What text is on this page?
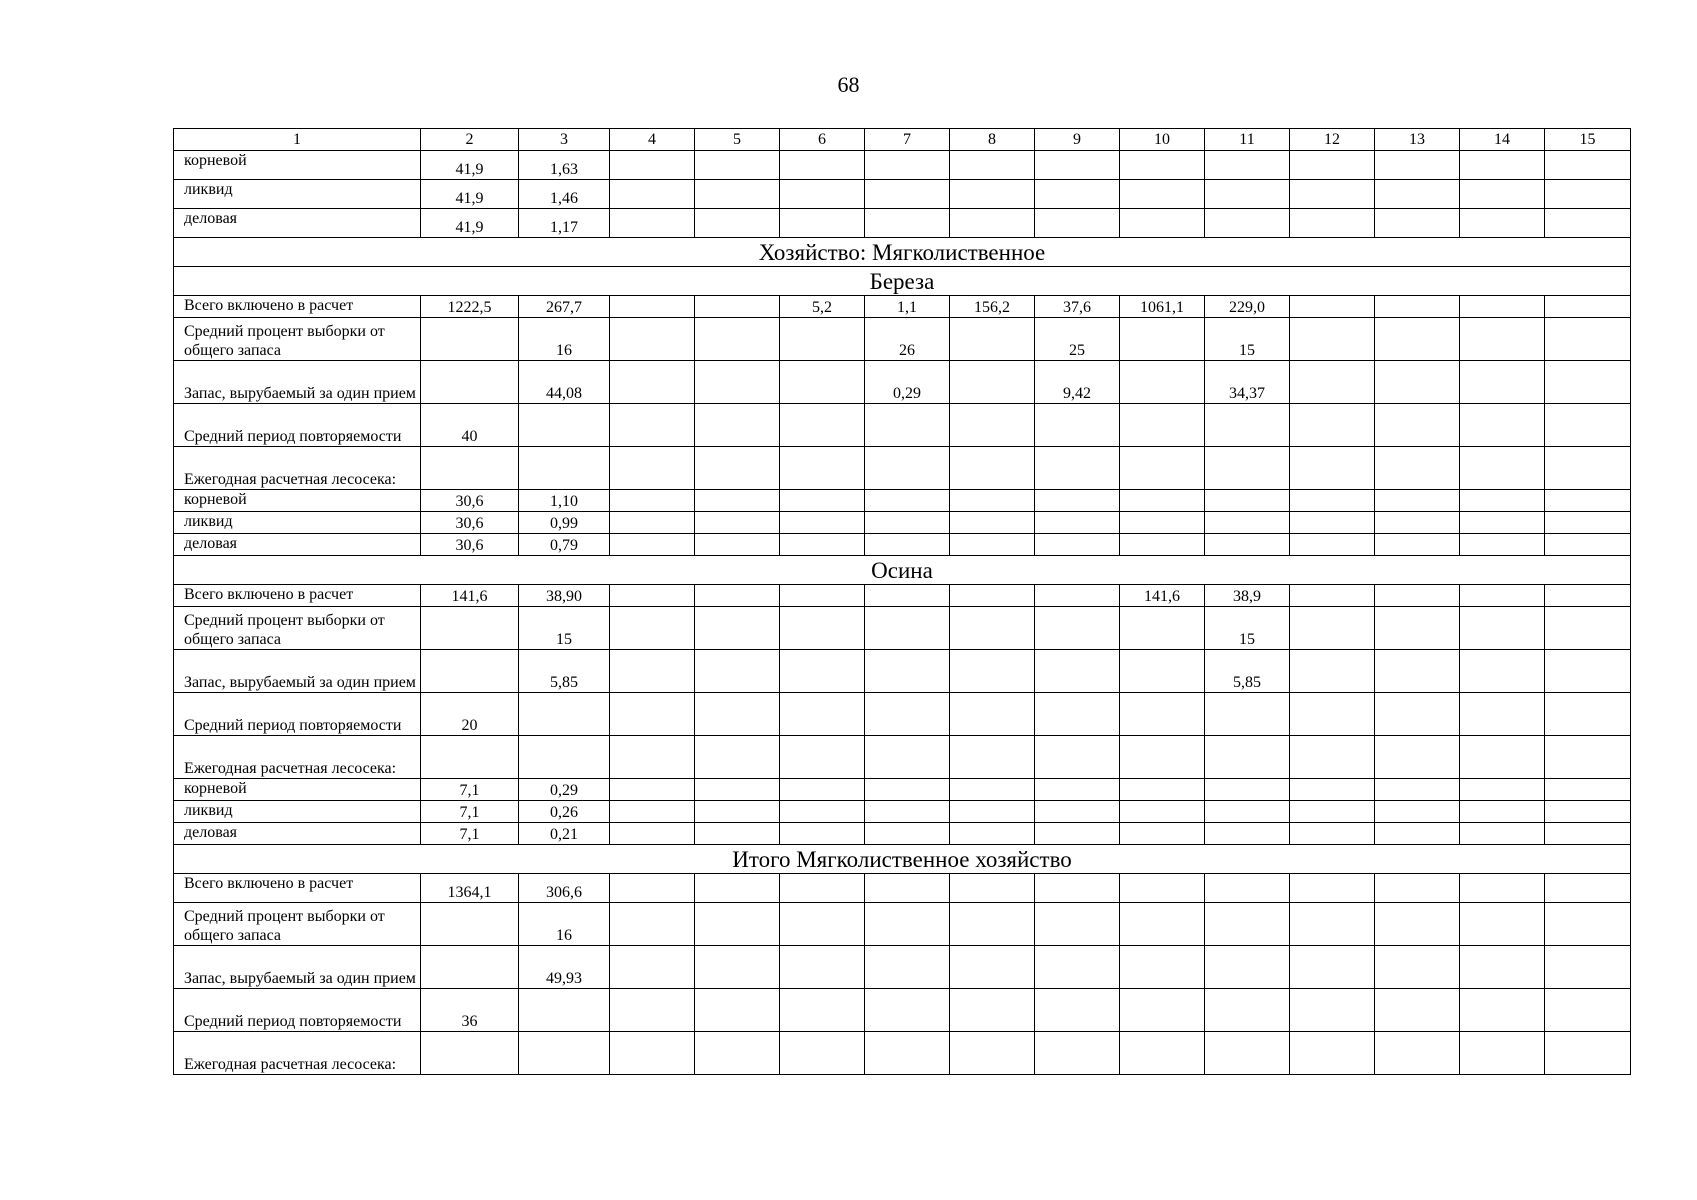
68
1	2	3	4	5	6	7	8	9	10	11	12	13	14	15
корневой	41,9	1,63												
ликвид	41,9	1,46												
деловая	41,9	1,17												
Хозяйство: Мягколиственное														
Береза														
Всего включено в расчет	1222,5	267,7			5,2	1,1	156,2	37,6	1061,1	229,0				
Средний процент выборки от общего запаса		16				26		25		15				
Запас, вырубаемый за один прием		44,08				0,29		9,42		34,37				
Средний период повторяемости	40													
Ежегодная расчетная лесосека:														
корневой	30,6	1,10												
ликвид	30,6	0,99												
деловая	30,6	0,79												
Осина														
Всего включено в расчет	141,6	38,90							141,6	38,9				
Средний процент выборки от общего запаса		15								15				
Запас, вырубаемый за один прием		5,85								5,85				
Средний период повторяемости	20													
Ежегодная расчетная лесосека:														
корневой	7,1	0,29												
ликвид	7,1	0,26												
деловая	7,1	0,21												
Итого Мягколиственное хозяйство														
Всего включено в расчет	1364,1	306,6												
Средний процент выборки от общего запаса		16												
Запас, вырубаемый за один прием		49,93												
Средний период повторяемости	36													
Ежегодная расчетная лесосека:														
